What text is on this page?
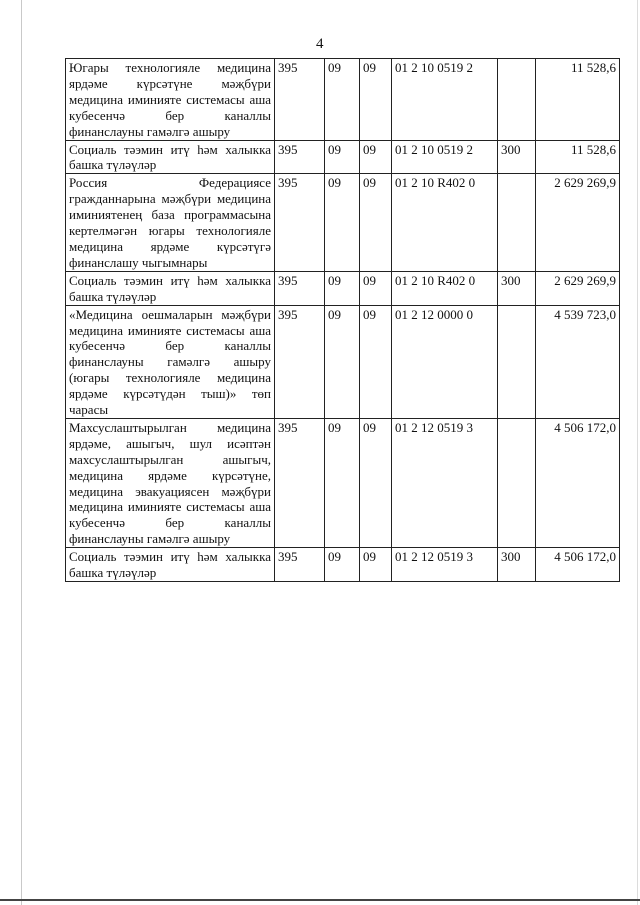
4
Югары технологияле медицина ярдәме күрсәтүне мәҗбүри медицина иминияте системасы аша кубесенчә бер каналлы финанслауны гамәлгә ашыру	395	09	09	01 2 10 0519 2		11 528,6
Социаль тәэмин итү һәм халыкка башка түләүләр	395	09	09	01 2 10 0519 2	300	11 528,6
Россия Федерациясе гражданнарына мәҗбүри медицина иминиятенең база программасына кертелмәгән югары технологияле медицина ярдәме күрсәтүгә финанслашу чыгымнары	395	09	09	01 2 10 R402 0		2 629 269,9
Социаль тәэмин итү һәм халыкка башка түләүләр	395	09	09	01 2 10 R402 0	300	2 629 269,9
«Медицина оешмаларын мәҗбүри медицина иминияте системасы аша кубесенчә бер каналлы финанслауны гамәлгә ашыру (югары технологияле медицина ярдәме күрсәтүдән тыш)» төп чарасы	395	09	09	01 2 12 0000 0		4 539 723,0
Махсуслаштырылган медицина ярдәме, ашыгыч, шул исәптән махсуслаштырылган ашыгыч, медицина ярдәме күрсәтүне, медицина эвакуациясен мәҗбүри медицина иминияте системасы аша кубесенчә бер каналлы финанслауны гамәлгә ашыру	395	09	09	01 2 12 0519 3		4 506 172,0
Социаль тәэмин итү һәм халыкка башка түләүләр	395	09	09	01 2 12 0519 3	300	4 506 172,0
